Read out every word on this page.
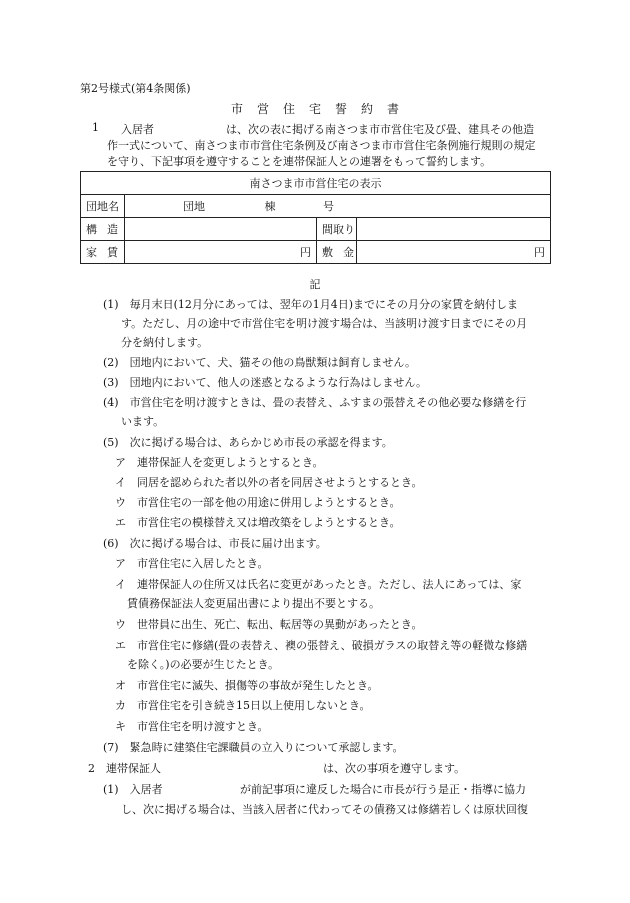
第2号様式(第4条関係)
市営住宅誓約書
1 入居者	は、次の表に掲げる南さつま市市営住宅及び畳、建具その他造
作一式について、南さつま市市営住宅条例及び南さつま市市営住宅条例施行規則の規定
を守り、下記事項を遵守することを連帯保証人との連署をもって誓約します。
南さつま市市営住宅の表示			
団地名	団地 棟 号		
構造		間取り	
家賃	円	敷金	円
記
(1)　毎月末日(12月分にあっては、翌年の1月4日)までにその月分の家賃を納付しま
す。ただし、月の途中で市営住宅を明け渡す場合は、当該明け渡す日までにその月
分を納付します。
(2)　団地内において、犬、猫その他の鳥獣類は飼育しません。
(3)　団地内において、他人の迷惑となるような行為はしません。
(4)　市営住宅を明け渡すときは、畳の表替え、ふすまの張替えその他必要な修繕を行
います。
(5)　次に掲げる場合は、あらかじめ市長の承認を得ます。
ア　連帯保証人を変更しようとするとき。
イ　同居を認められた者以外の者を同居させようとするとき。
ウ　市営住宅の一部を他の用途に併用しようとするとき。
エ　市営住宅の模様替え又は増改築をしようとするとき。
(6)　次に掲げる場合は、市長に届け出ます。
ア　市営住宅に入居したとき。
イ　連帯保証人の住所又は氏名に変更があったとき。ただし、法人にあっては、家
賃債務保証法人変更届出書により提出不要とする。
ウ　世帯員に出生、死亡、転出、転居等の異動があったとき。
エ　市営住宅に修繕(畳の表替え、襖の張替え、破損ガラスの取替え等の軽微な修繕
を除く。)の必要が生じたとき。
オ　市営住宅に滅失、損傷等の事故が発生したとき。
カ　市営住宅を引き続き15日以上使用しないとき。
キ　市営住宅を明け渡すとき。
(7)　緊急時に建築住宅課職員の立入りについて承認します。
2　連帯保証人	は、次の事項を遵守します。
(1)　入居者	が前記事項に違反した場合に市長が行う是正・指導に協力
し、次に掲げる場合は、当該入居者に代わってその債務又は修繕若しくは原状回復
